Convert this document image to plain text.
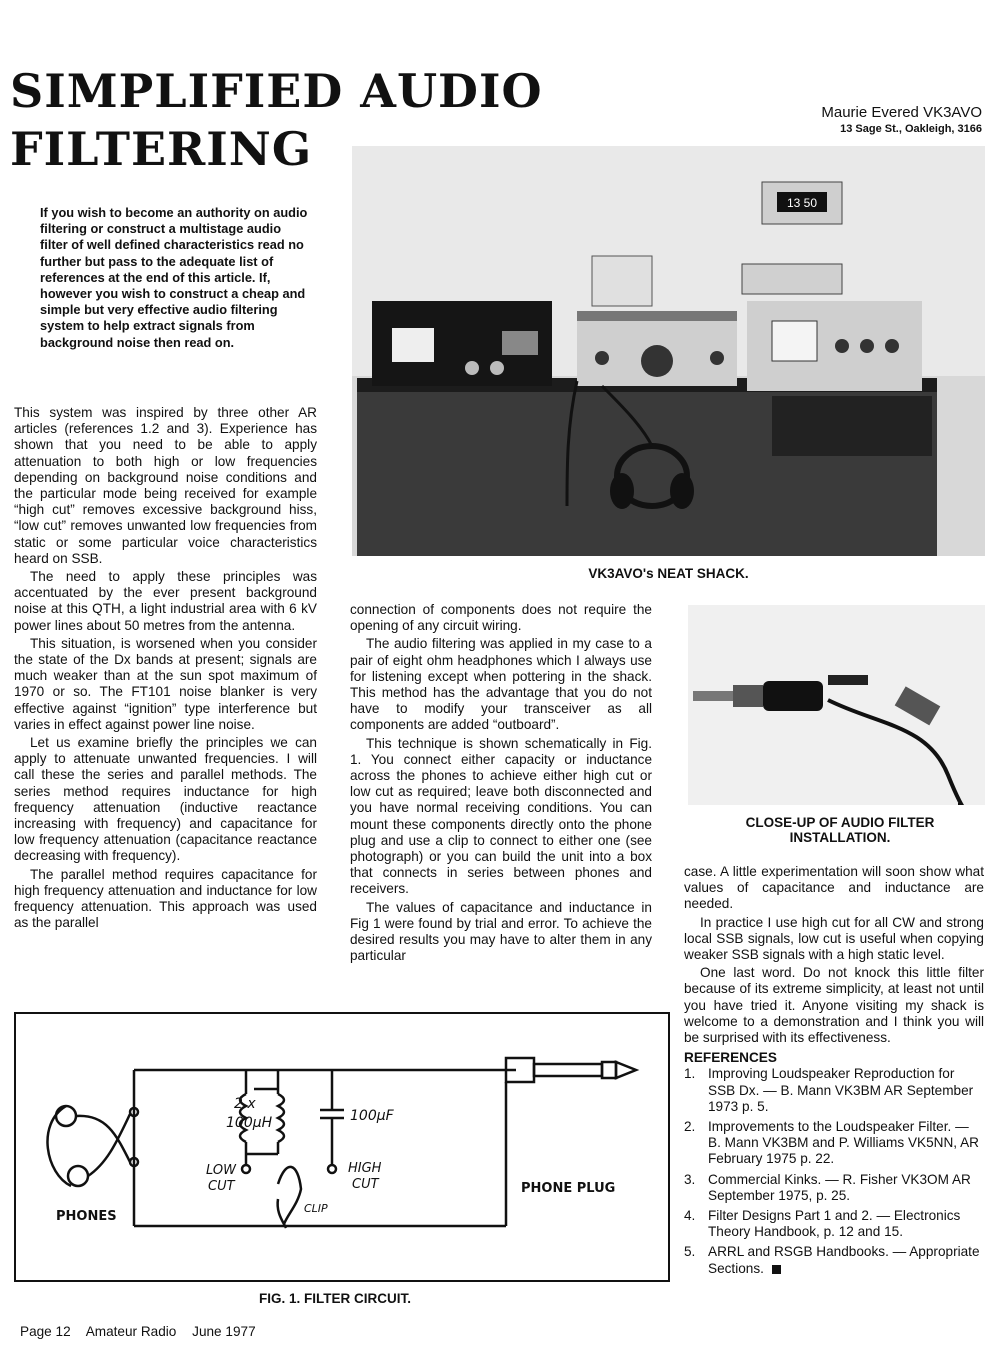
SIMPLIFIED AUDIO
FILTERING
Maurie Evered VK3AVO
13 Sage St., Oakleigh, 3166
If you wish to become an authority on audio filtering or construct a multistage audio filter of well defined characteristics read no further but pass to the adequate list of references at the end of this article. If, however you wish to construct a cheap and simple but very effective audio filtering system to help extract signals from background noise then read on.
13 50
VK3AVO's NEAT SHACK.
CLOSE-UP OF AUDIO FILTER INSTALLATION.

This system was inspired by three other AR articles (references 1.2 and 3). Experience has shown that you need to be able to apply attenuation to both high or low frequencies depending on background noise conditions and the particular mode being received for example “high cut” removes excessive background hiss, “low cut” removes unwanted low frequencies from static or some particular voice characteristics heard on SSB.

The need to apply these principles was accentuated by the ever present background noise at this QTH, a light industrial area with 6 kV power lines about 50 metres from the antenna.

This situation, is worsened when you consider the state of the Dx bands at present; signals are much weaker than at the sun spot maximum of 1970 or so. The FT101 noise blanker is very effective against “ignition” type interference but varies in effect against power line noise.

Let us examine briefly the principles we can apply to attenuate unwanted frequencies. I will call these the series and parallel methods. The series method requires inductance for high frequency attenuation (inductive reactance increasing with frequency) and capacitance for low frequency attenuation (capacitance reactance decreasing with frequency).

The parallel method requires capacitance for high frequency attenuation and inductance for low frequency attenuation. This approach was used as the parallel

connection of components does not require the opening of any circuit wiring.

The audio filtering was applied in my case to a pair of eight ohm headphones which I always use for listening except when pottering in the shack. This method has the advantage that you do not have to modify your transceiver as all components are added “outboard”.

This technique is shown schematically in Fig. 1. You connect either capacity or inductance across the phones to achieve either high cut or low cut as required; leave both disconnected and you have normal receiving conditions. You can mount these components directly onto the phone plug and use a clip to connect to either one (see photograph) or you can build the unit into a box that connects in series between phones and receivers.

The values of capacitance and inductance in Fig 1 were found by trial and error. To achieve the desired results you may have to alter them in any particular

case. A little experimentation will soon show what values of capacitance and inductance are needed.

In practice I use high cut for all CW and strong local SSB signals, low cut is useful when copying weaker SSB signals with a high static level.

One last word. Do not knock this little filter because of its extreme simplicity, at least not until you have tried it. Anyone visiting my shack is welcome to a demonstration and I think you will be surprised with its effectiveness.

REFERENCES
1. Improving Loudspeaker Reproduction for SSB Dx. — B. Mann VK3BM AR September 1973 p. 5.
2. Improvements to the Loudspeaker Filter. — B. Mann VK3BM and P. Williams VK5NN, AR February 1975 p. 22.
3. Commercial Kinks. — R. Fisher VK3OM AR September 1975, p. 25.
4. Filter Designs Part 1 and 2. — Electronics Theory Handbook, p. 12 and 15.
5. ARRL and RSGB Handbooks. — Appropriate Sections.
2 x
100µH	100µF
LOW
CUT
HIGH
CUT
CLIP
PHONES
PHONE PLUG
FIG. 1. FILTER CIRCUIT.
Page 12 Amateur Radio June 1977
